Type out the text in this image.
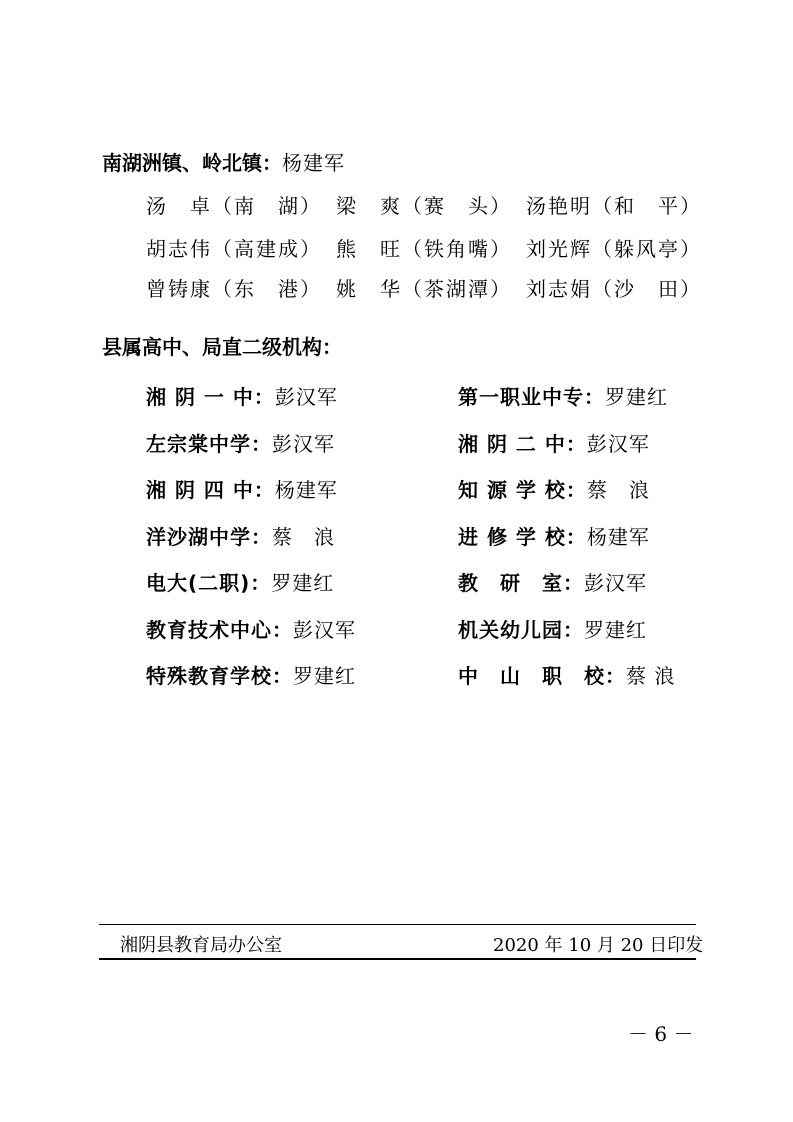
南湖洲镇、岭北镇：杨建军
汤　卓（南　湖） 梁　爽（赛　头） 汤艳明（和　平）
胡志伟（高建成） 熊　旺（铁角嘴） 刘光辉（躲风亭）
曾铸康（东　港） 姚　华（茶湖潭） 刘志娟（沙　田）
县属高中、局直二级机构：
湘 阴 一 中：彭汉军
左宗棠中学：彭汉军
湘 阴 四 中：杨建军
洋沙湖中学：蔡　浪
电大(二职)：罗建红
教育技术中心：彭汉军
特殊教育学校：罗建红
第一职业中专：罗建红
湘 阴 二 中：彭汉军
知 源 学 校：蔡　浪
进 修 学 校：杨建军
教　研　室：彭汉军
机关幼儿园：罗建红
中　山　职　校：蔡 浪
湘阴县教育局办公室	2020 年 10 月 20 日印发
－ 6 －
